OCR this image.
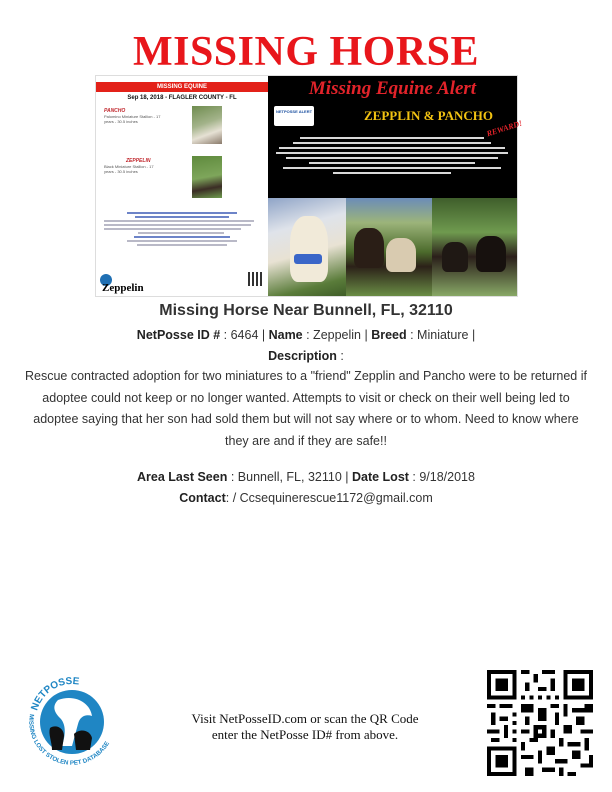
MISSING HORSE
MISSING EQUINE
Sep 18, 2018 - FLAGLER COUNTY - FL
PANCHO
Palomino Miniature Stallion - 17 years - 30.5 inches
ZEPPELIN
Black Miniature Stallion - 17 years - 30.5 inches
Zeppelin
Missing Equine Alert
NETPOSSE ALERT	ZEPPLIN & PANCHO
REWARD!
Missing Horse Near Bunnell, FL, 32110
NetPosse ID # : 6464 | Name : Zeppelin | Breed : Miniature |
Description :
Rescue contracted adoption for two miniatures to a "friend" Zepplin and Pancho were to be returned if adoptee could not keep or no longer wanted. Attempts to visit or check on their well being led to adoptee saying that her son had sold them but will not say where or to whom. Need to know where they are and if they are safe!!
Area Last Seen : Bunnell, FL, 32110 | Date Lost : 9/18/2018
Contact: / Ccsequinerescue1172@gmail.com
NETPOSSE
MISSING LOST STOLEN PET DATABASE
Visit NetPosseID.com or scan the QR Code
enter the NetPosse ID# from above.
